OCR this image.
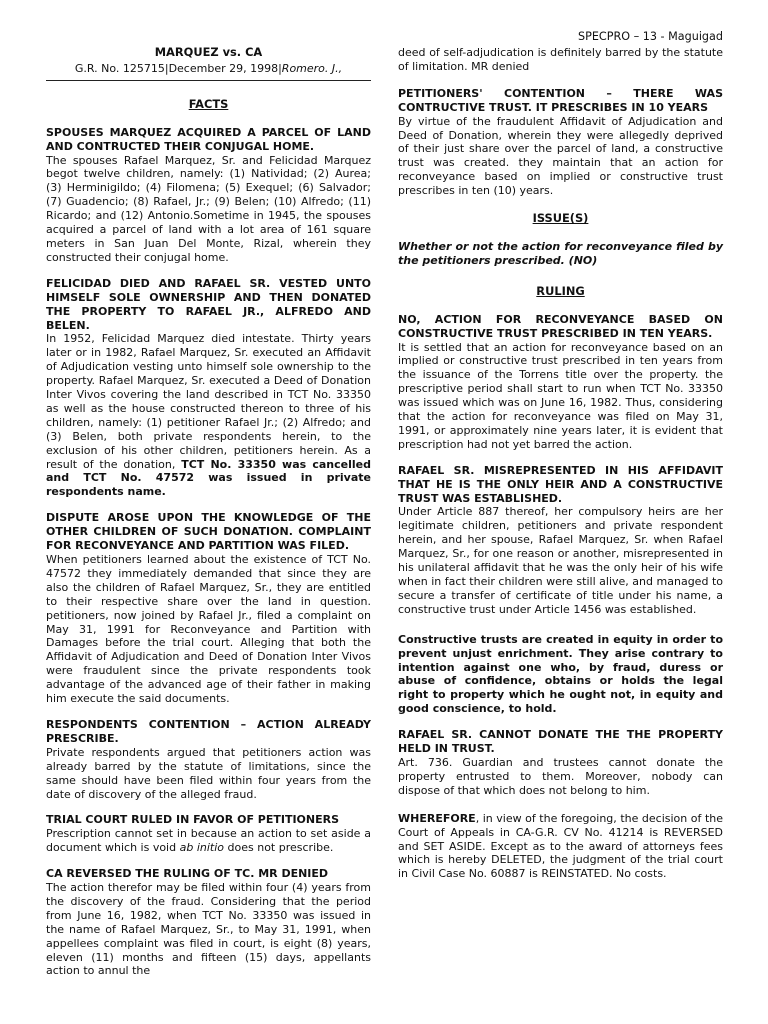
SPECPRO – 13 - Maguigad

MARQUEZ vs. CA

G.R. No. 125715|December 29, 1998|Romero. J.,

FACTS

SPOUSES MARQUEZ ACQUIRED A PARCEL OF LAND AND CONTRUCTED THEIR CONJUGAL HOME.

The spouses Rafael Marquez, Sr. and Felicidad Marquez begot twelve children, namely: (1) Natividad; (2) Aurea; (3) Herminigildo; (4) Filomena; (5) Exequel; (6) Salvador; (7) Guadencio; (8) Rafael, Jr.; (9) Belen; (10) Alfredo; (11) Ricardo; and (12) Antonio.Sometime in 1945, the spouses acquired a parcel of land with a lot area of 161 square meters in San Juan Del Monte, Rizal, wherein they constructed their conjugal home.

FELICIDAD DIED AND RAFAEL SR. VESTED UNTO HIMSELF SOLE OWNERSHIP AND THEN DONATED THE PROPERTY TO RAFAEL JR., ALFREDO AND BELEN.

In 1952, Felicidad Marquez died intestate. Thirty years later or in 1982, Rafael Marquez, Sr. executed an Affidavit of Adjudication vesting unto himself sole ownership to the property. Rafael Marquez, Sr. executed a Deed of Donation Inter Vivos covering the land described in TCT No. 33350 as well as the house constructed thereon to three of his children, namely: (1) petitioner Rafael Jr.; (2) Alfredo; and (3) Belen, both private respondents herein, to the exclusion of his other children, petitioners herein. As a result of the donation, TCT No. 33350 was cancelled and TCT No. 47572 was issued in private respondents name.

DISPUTE AROSE UPON THE KNOWLEDGE OF THE OTHER CHILDREN OF SUCH DONATION. COMPLAINT FOR RECONVEYANCE AND PARTITION WAS FILED.

When petitioners learned about the existence of TCT No. 47572 they immediately demanded that since they are also the children of Rafael Marquez, Sr., they are entitled to their respective share over the land in question. petitioners, now joined by Rafael Jr., filed a complaint on May 31, 1991 for Reconveyance and Partition with Damages before the trial court. Alleging that both the Affidavit of Adjudication and Deed of Donation Inter Vivos were fraudulent since the private respondents took advantage of the advanced age of their father in making him execute the said documents.

RESPONDENTS CONTENTION – ACTION ALREADY PRESCRIBE.

Private respondents argued that petitioners action was already barred by the statute of limitations, since the same should have been filed within four years from the date of discovery of the alleged fraud.

TRIAL COURT RULED IN FAVOR OF PETITIONERS

Prescription cannot set in because an action to set aside a document which is void ab initio does not prescribe.

CA REVERSED THE RULING OF TC. MR DENIED

The action therefor may be filed within four (4) years from the discovery of the fraud. Considering that the period from June 16, 1982, when TCT No. 33350 was issued in the name of Rafael Marquez, Sr., to May 31, 1991, when appellees complaint was filed in court, is eight (8) years, eleven (11) months and fifteen (15) days, appellants action to annul the

deed of self-adjudication is definitely barred by the statute of limitation. MR denied

PETITIONERS' CONTENTION – THERE WAS CONTRUCTIVE TRUST. IT PRESCRIBES IN 10 YEARS

By virtue of the fraudulent Affidavit of Adjudication and Deed of Donation, wherein they were allegedly deprived of their just share over the parcel of land, a constructive trust was created. they maintain that an action for reconveyance based on implied or constructive trust prescribes in ten (10) years.

ISSUE(S)

Whether or not the action for reconveyance filed by the petitioners prescribed. (NO)

RULING

NO, ACTION FOR RECONVEYANCE BASED ON CONSTRUCTIVE TRUST PRESCRIBED IN TEN YEARS.

It is settled that an action for reconveyance based on an implied or constructive trust prescribed in ten years from the issuance of the Torrens title over the property. the prescriptive period shall start to run when TCT No. 33350 was issued which was on June 16, 1982. Thus, considering that the action for reconveyance was filed on May 31, 1991, or approximately nine years later, it is evident that prescription had not yet barred the action.

RAFAEL SR. MISREPRESENTED IN HIS AFFIDAVIT THAT HE IS THE ONLY HEIR AND A CONSTRUCTIVE TRUST WAS ESTABLISHED.

Under Article 887 thereof, her compulsory heirs are her legitimate children, petitioners and private respondent herein, and her spouse, Rafael Marquez, Sr. when Rafael Marquez, Sr., for one reason or another, misrepresented in his unilateral affidavit that he was the only heir of his wife when in fact their children were still alive, and managed to secure a transfer of certificate of title under his name, a constructive trust under Article 1456 was established.

Constructive trusts are created in equity in order to prevent unjust enrichment. They arise contrary to intention against one who, by fraud, duress or abuse of confidence, obtains or holds the legal right to property which he ought not, in equity and good conscience, to hold.

RAFAEL SR. CANNOT DONATE THE THE PROPERTY HELD IN TRUST.

Art. 736. Guardian and trustees cannot donate the property entrusted to them. Moreover, nobody can dispose of that which does not belong to him.

WHEREFORE, in view of the foregoing, the decision of the Court of Appeals in CA-G.R. CV No. 41214 is REVERSED and SET ASIDE. Except as to the award of attorneys fees which is hereby DELETED, the judgment of the trial court in Civil Case No. 60887 is REINSTATED. No costs.
